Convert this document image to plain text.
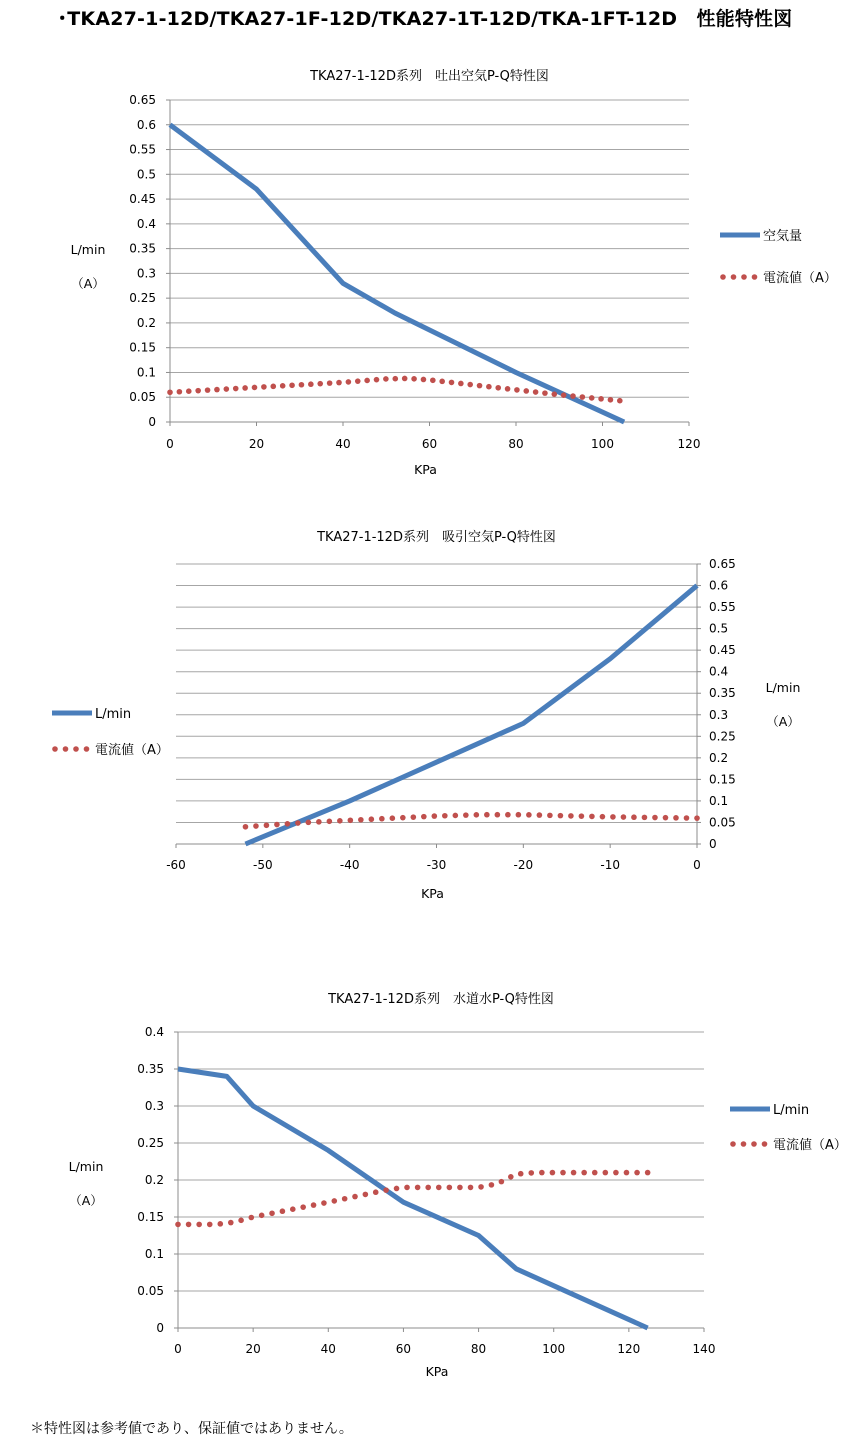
･TKA27-1-12D/TKA27-1F-12D/TKA27-1T-12D/TKA-1FT-12D　性能特性図
TKA27-1-12D系列　吐出空気P-Q特性図
0
0.05
0.1
0.15
0.2
0.25
0.3
0.35
0.4
0.45
0.5
0.55
0.6
0.65
0	20	40	60	80	100	120
KPa
L/min
（A）
空気量
電流値（A）
TKA27-1-12D系列　吸引空気P-Q特性図
0
0.05
0.1
0.15
0.2
0.25
0.3
0.35
0.4
0.45
0.5
0.55
0.6
0.65
-60	-50	-40	-30	-20	-10	0
KPa
L/min
（A）
L/min
電流値（A）
TKA27-1-12D系列　水道水P-Q特性図
0
0.05
0.1
0.15
0.2
0.25
0.3
0.35
0.4
0	20	40	60	80	100	120	140
KPa
L/min
（A）
L/min
電流値（A）
＊特性図は参考値であり、保証値ではありません。
